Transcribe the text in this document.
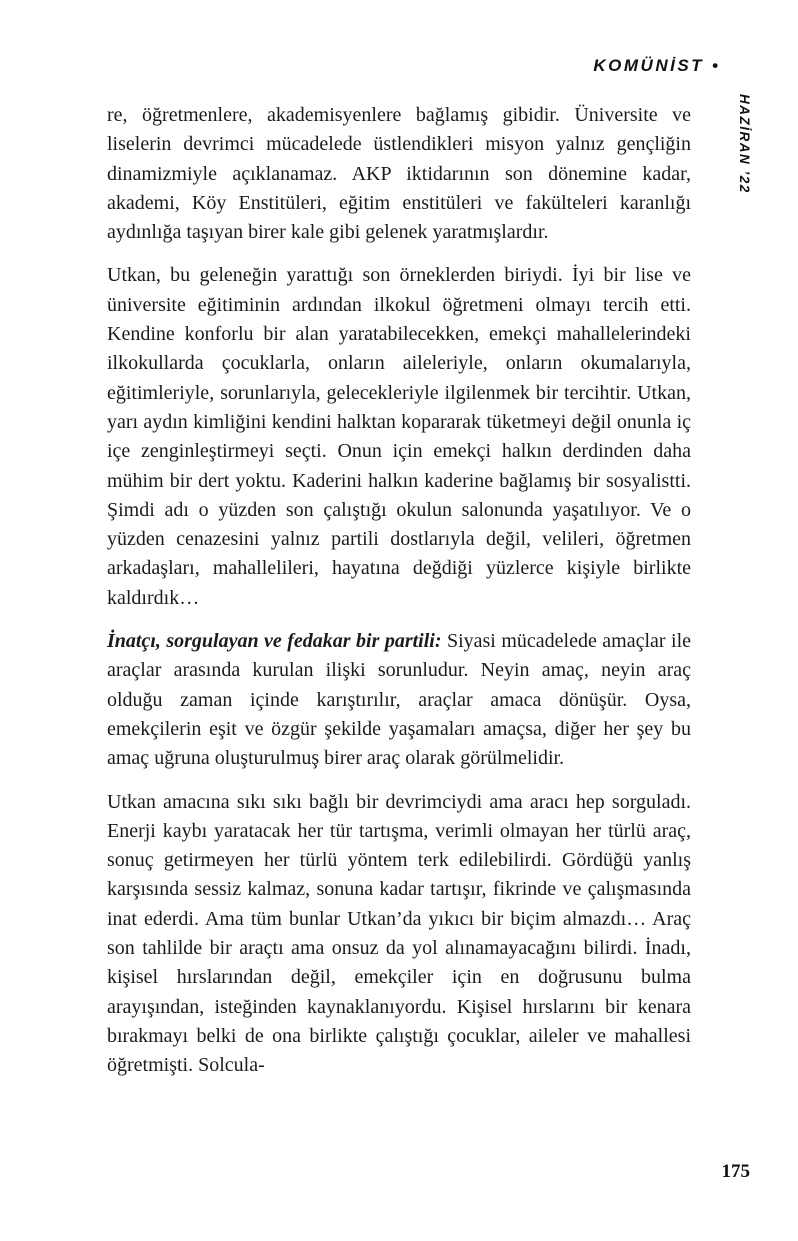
KOMÜNİST •
HAZİRAN ’22

re, öğretmenlere, akademisyenlere bağlamış gibidir. Üniversite ve liselerin devrimci mücadelede üstlendikleri misyon yalnız gençliğin dinamizmiyle açıklanamaz. AKP iktidarının son dönemine kadar, akademi, Köy Enstitüleri, eğitim enstitüleri ve fakülteleri karanlığı aydınlığa taşıyan birer kale gibi gelenek yaratmışlardır.

Utkan, bu geleneğin yarattığı son örneklerden biriydi. İyi bir lise ve üniversite eğitiminin ardından ilkokul öğretmeni olmayı tercih etti. Kendine konforlu bir alan yaratabilecekken, emekçi mahallelerindeki ilkokullarda çocuklarla, onların aileleriyle, onların okumalarıyla, eğitimleriyle, sorunlarıyla, gelecekleriyle ilgilenmek bir tercihtir. Utkan, yarı aydın kimliğini kendini halktan kopararak tüketmeyi değil onunla iç içe zenginleştirmeyi seçti. Onun için emekçi halkın derdinden daha mühim bir dert yoktu. Kaderini halkın kaderine bağlamış bir sosyalistti. Şimdi adı o yüzden son çalıştığı okulun salonunda yaşatılıyor. Ve o yüzden cenazesini yalnız partili dostlarıyla değil, velileri, öğretmen arkadaşları, mahallelileri, hayatına değdiği yüzlerce kişiyle birlikte kaldırdık…

İnatçı, sorgulayan ve fedakar bir partili: Siyasi mücadelede amaçlar ile araçlar arasında kurulan ilişki sorunludur. Neyin amaç, neyin araç olduğu zaman içinde karıştırılır, araçlar amaca dönüşür. Oysa, emekçilerin eşit ve özgür şekilde yaşamaları amaçsa, diğer her şey bu amaç uğruna oluşturulmuş birer araç olarak görülmelidir.

Utkan amacına sıkı sıkı bağlı bir devrimciydi ama aracı hep sorguladı. Enerji kaybı yaratacak her tür tartışma, verimli olmayan her türlü araç, sonuç getirmeyen her türlü yöntem terk edilebilirdi. Gördüğü yanlış karşısında sessiz kalmaz, sonuna kadar tartışır, fikrinde ve çalışmasında inat ederdi. Ama tüm bunlar Utkan’da yıkıcı bir biçim almazdı… Araç son tahlilde bir araçtı ama onsuz da yol alınamayacağını bilirdi. İnadı, kişisel hırslarından değil, emekçiler için en doğrusunu bulma arayışından, isteğinden kaynaklanıyordu. Kişisel hırslarını bir kenara bırakmayı belki de ona birlikte çalıştığı çocuklar, aileler ve mahallesi öğretmişti. Solcula-

175
